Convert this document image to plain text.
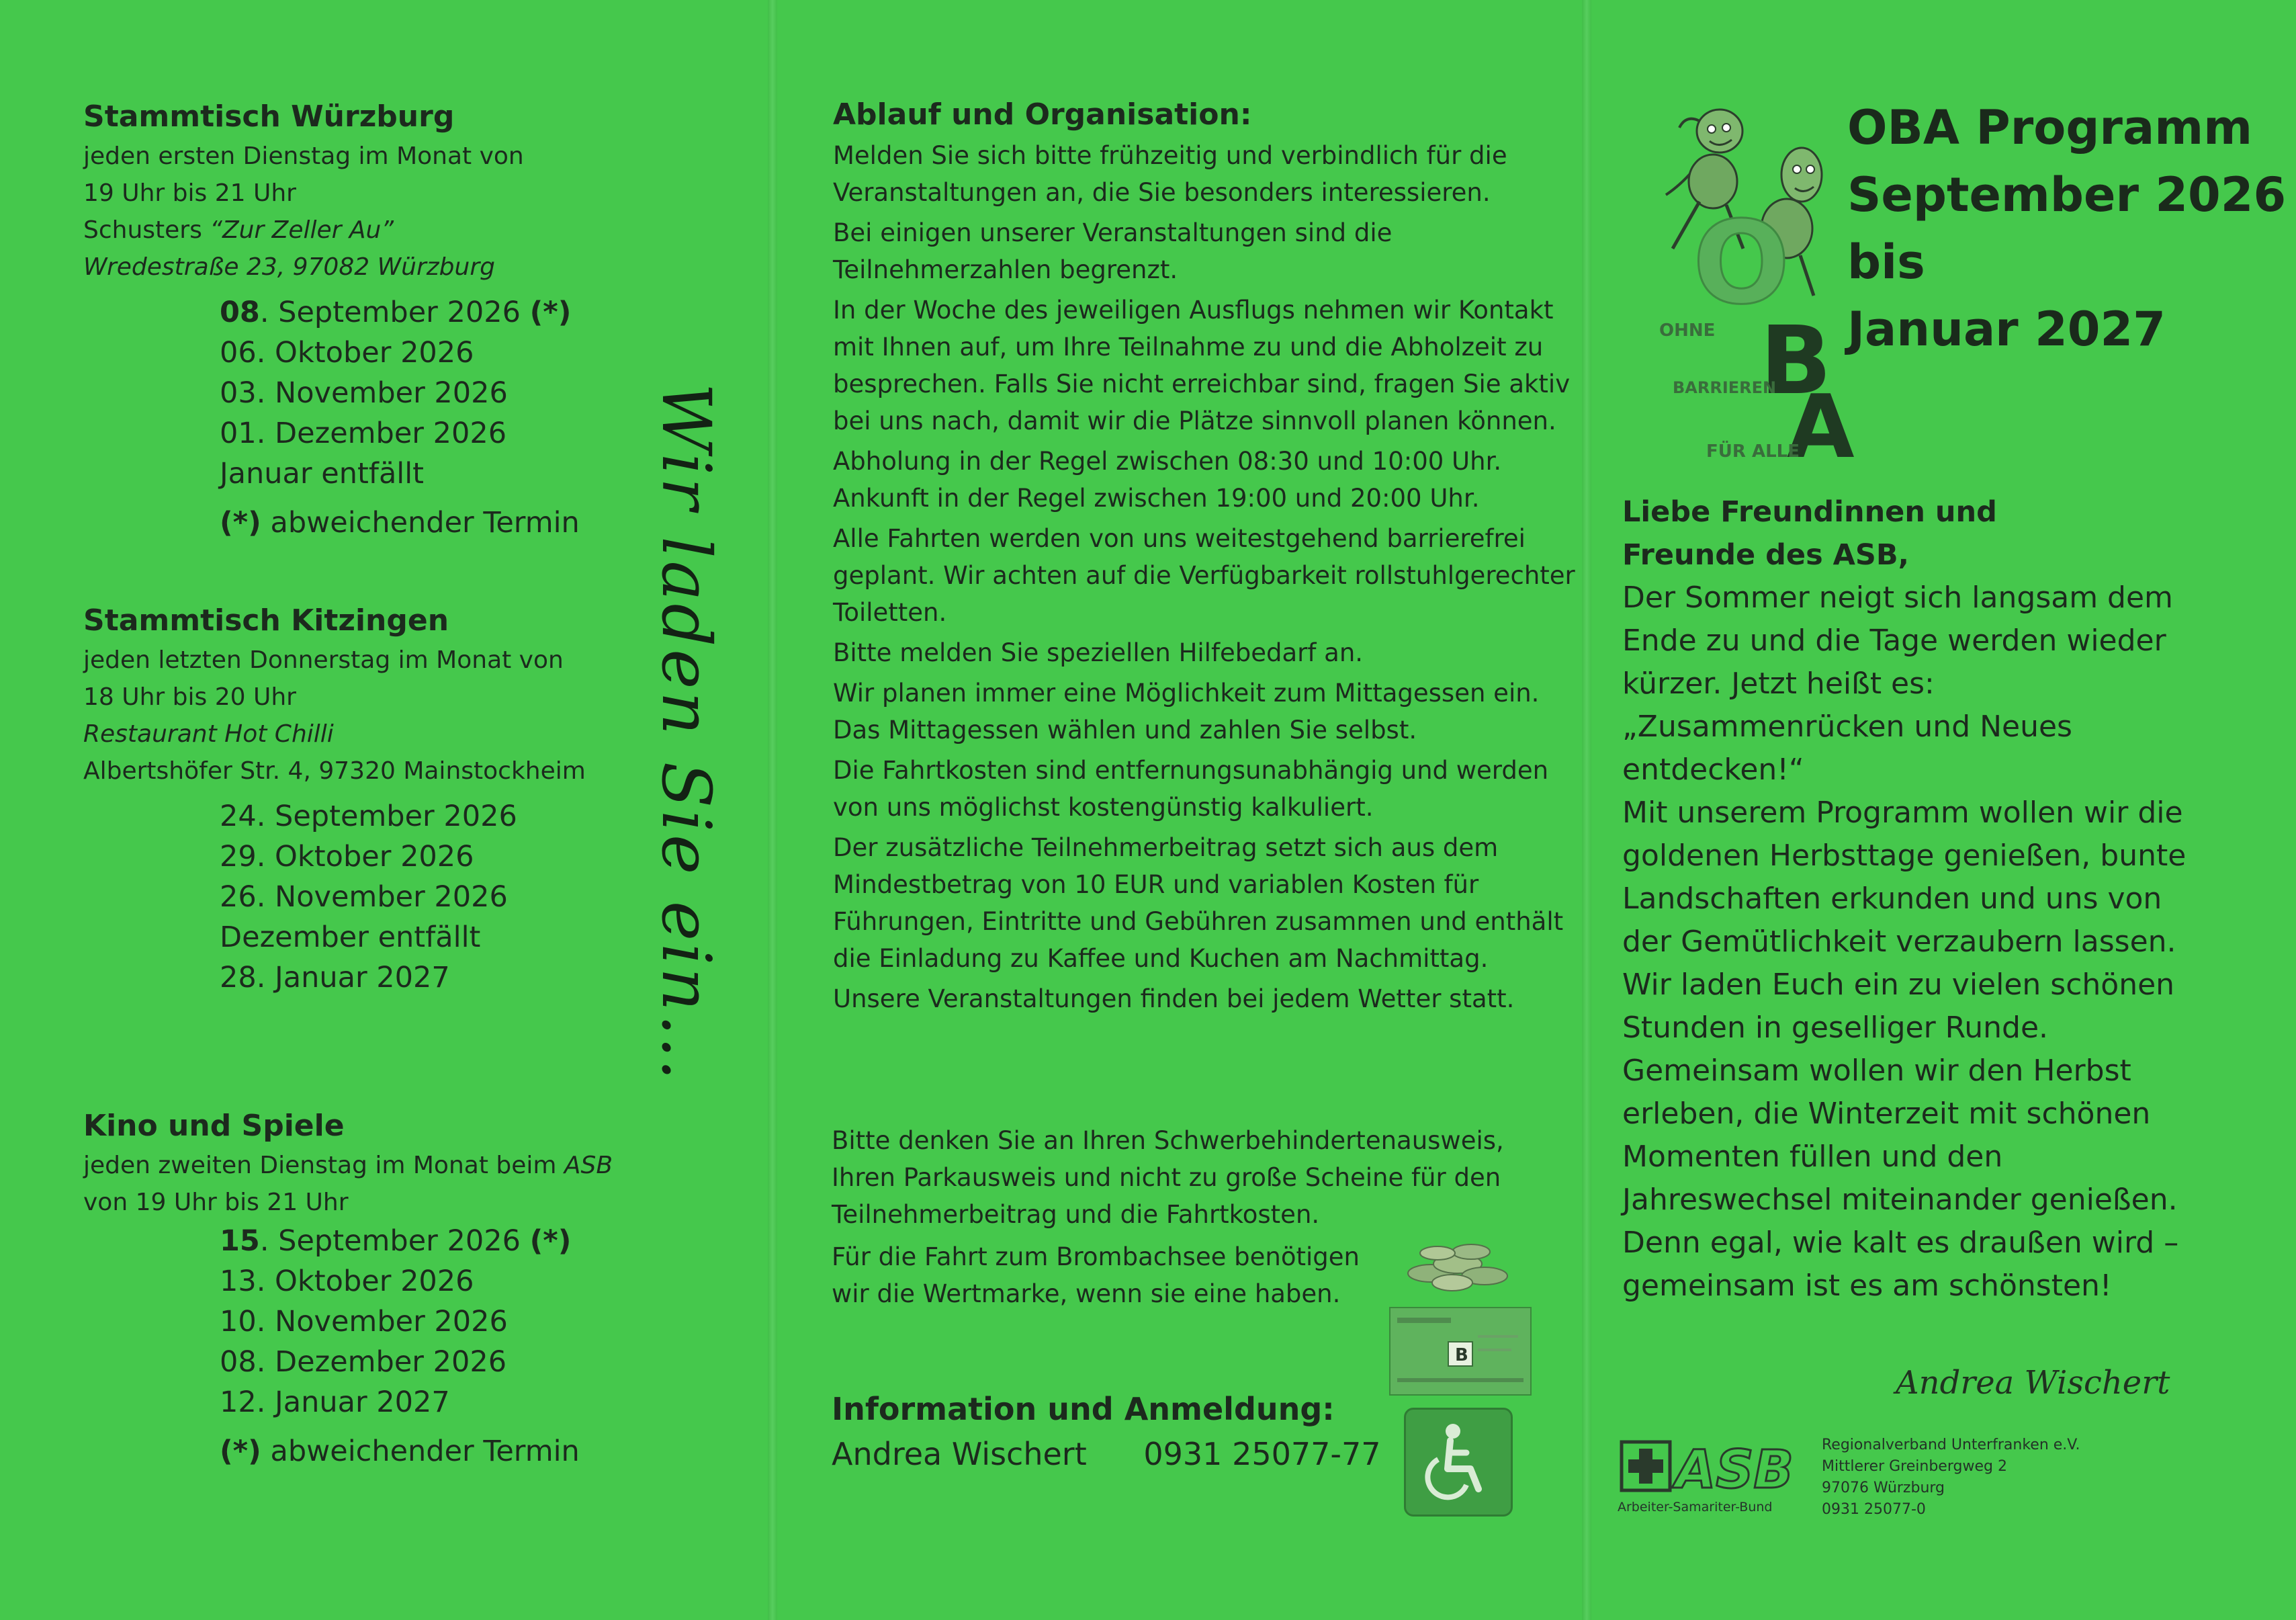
Stammtisch Würzburg
jeden ersten Dienstag im Monat von
19 Uhr bis 21 Uhr
Schusters “Zur Zeller Au”
Wredestraße 23, 97082 Würzburg
08. September 2026 (*)
06. Oktober 2026
03. November 2026
01. Dezember 2026
Januar entfällt
(*) abweichender Termin
Stammtisch Kitzingen
jeden letzten Donnerstag im Monat von
18 Uhr bis 20 Uhr
Restaurant Hot Chilli
Albertshöfer Str. 4, 97320 Mainstockheim
24. September 2026
29. Oktober 2026
26. November 2026
Dezember entfällt
28. Januar 2027
Kino und Spiele
jeden zweiten Dienstag im Monat beim ASB
von 19 Uhr bis 21 Uhr
15. September 2026 (*)
13. Oktober 2026
10. November 2026
08. Dezember 2026
12. Januar 2027
(*) abweichender Termin
Wir laden Sie ein…
Ablauf und Organisation:

Melden Sie sich bitte frühzeitig und verbindlich für die Veranstaltungen an, die Sie besonders interessieren.

Bei einigen unserer Veranstaltungen sind die Teilnehmerzahlen begrenzt.

In der Woche des jeweiligen Ausflugs nehmen wir Kontakt mit Ihnen auf, um Ihre Teilnahme zu und die Abholzeit zu besprechen. Falls Sie nicht erreichbar sind, fragen Sie aktiv bei uns nach, damit wir die Plätze sinnvoll planen können.

Abholung in der Regel zwischen 08:30 und 10:00 Uhr. Ankunft in der Regel zwischen 19:00 und 20:00 Uhr.

Alle Fahrten werden von uns weitestgehend barrierefrei geplant. Wir achten auf die Verfügbarkeit rollstuhlgerechter Toiletten.

Bitte melden Sie speziellen Hilfebedarf an.

Wir planen immer eine Möglichkeit zum Mittagessen ein. Das Mittagessen wählen und zahlen Sie selbst.

Die Fahrtkosten sind entfernungsunabhängig und werden von uns möglichst kostengünstig kalkuliert.

Der zusätzliche Teilnehmerbeitrag setzt sich aus dem Mindestbetrag von 10 EUR und variablen Kosten für Führungen, Eintritte und Gebühren zusammen und enthält die Einladung zu Kaffee und Kuchen am Nachmittag.

Unsere Veranstaltungen finden bei jedem Wetter statt.

Bitte denken Sie an Ihren Schwerbehindertenausweis, Ihren Parkausweis und nicht zu große Scheine für den Teilnehmerbeitrag und die Fahrtkosten.

Für die Fahrt zum Brombachsee benötigen wir die Wertmarke, wenn sie eine haben.

B
Information und Anmeldung:
Andrea Wischert 0931 25077-77
O
B
A
OHNE
BARRIEREN
FÜR ALLE
OBA Programm
September 2026
bis
Januar 2027
Liebe Freundinnen und
Freunde des ASB,
Der Sommer neigt sich langsam dem
Ende zu und die Tage werden wieder
kürzer. Jetzt heißt es:
„Zusammenrücken und Neues
entdecken!“
Mit unserem Programm wollen wir die
goldenen Herbsttage genießen, bunte
Landschaften erkunden und uns von
der Gemütlichkeit verzaubern lassen.
Wir laden Euch ein zu vielen schönen
Stunden in geselliger Runde.
Gemeinsam wollen wir den Herbst
erleben, die Winterzeit mit schönen
Momenten füllen und den
Jahreswechsel miteinander genießen.
Denn egal, wie kalt es draußen wird –
gemeinsam ist es am schönsten!
Andrea Wischert
ASB
Arbeiter-Samariter-Bund
Regionalverband Unterfranken e.V.
Mittlerer Greinbergweg 2
97076 Würzburg
0931 25077-0
